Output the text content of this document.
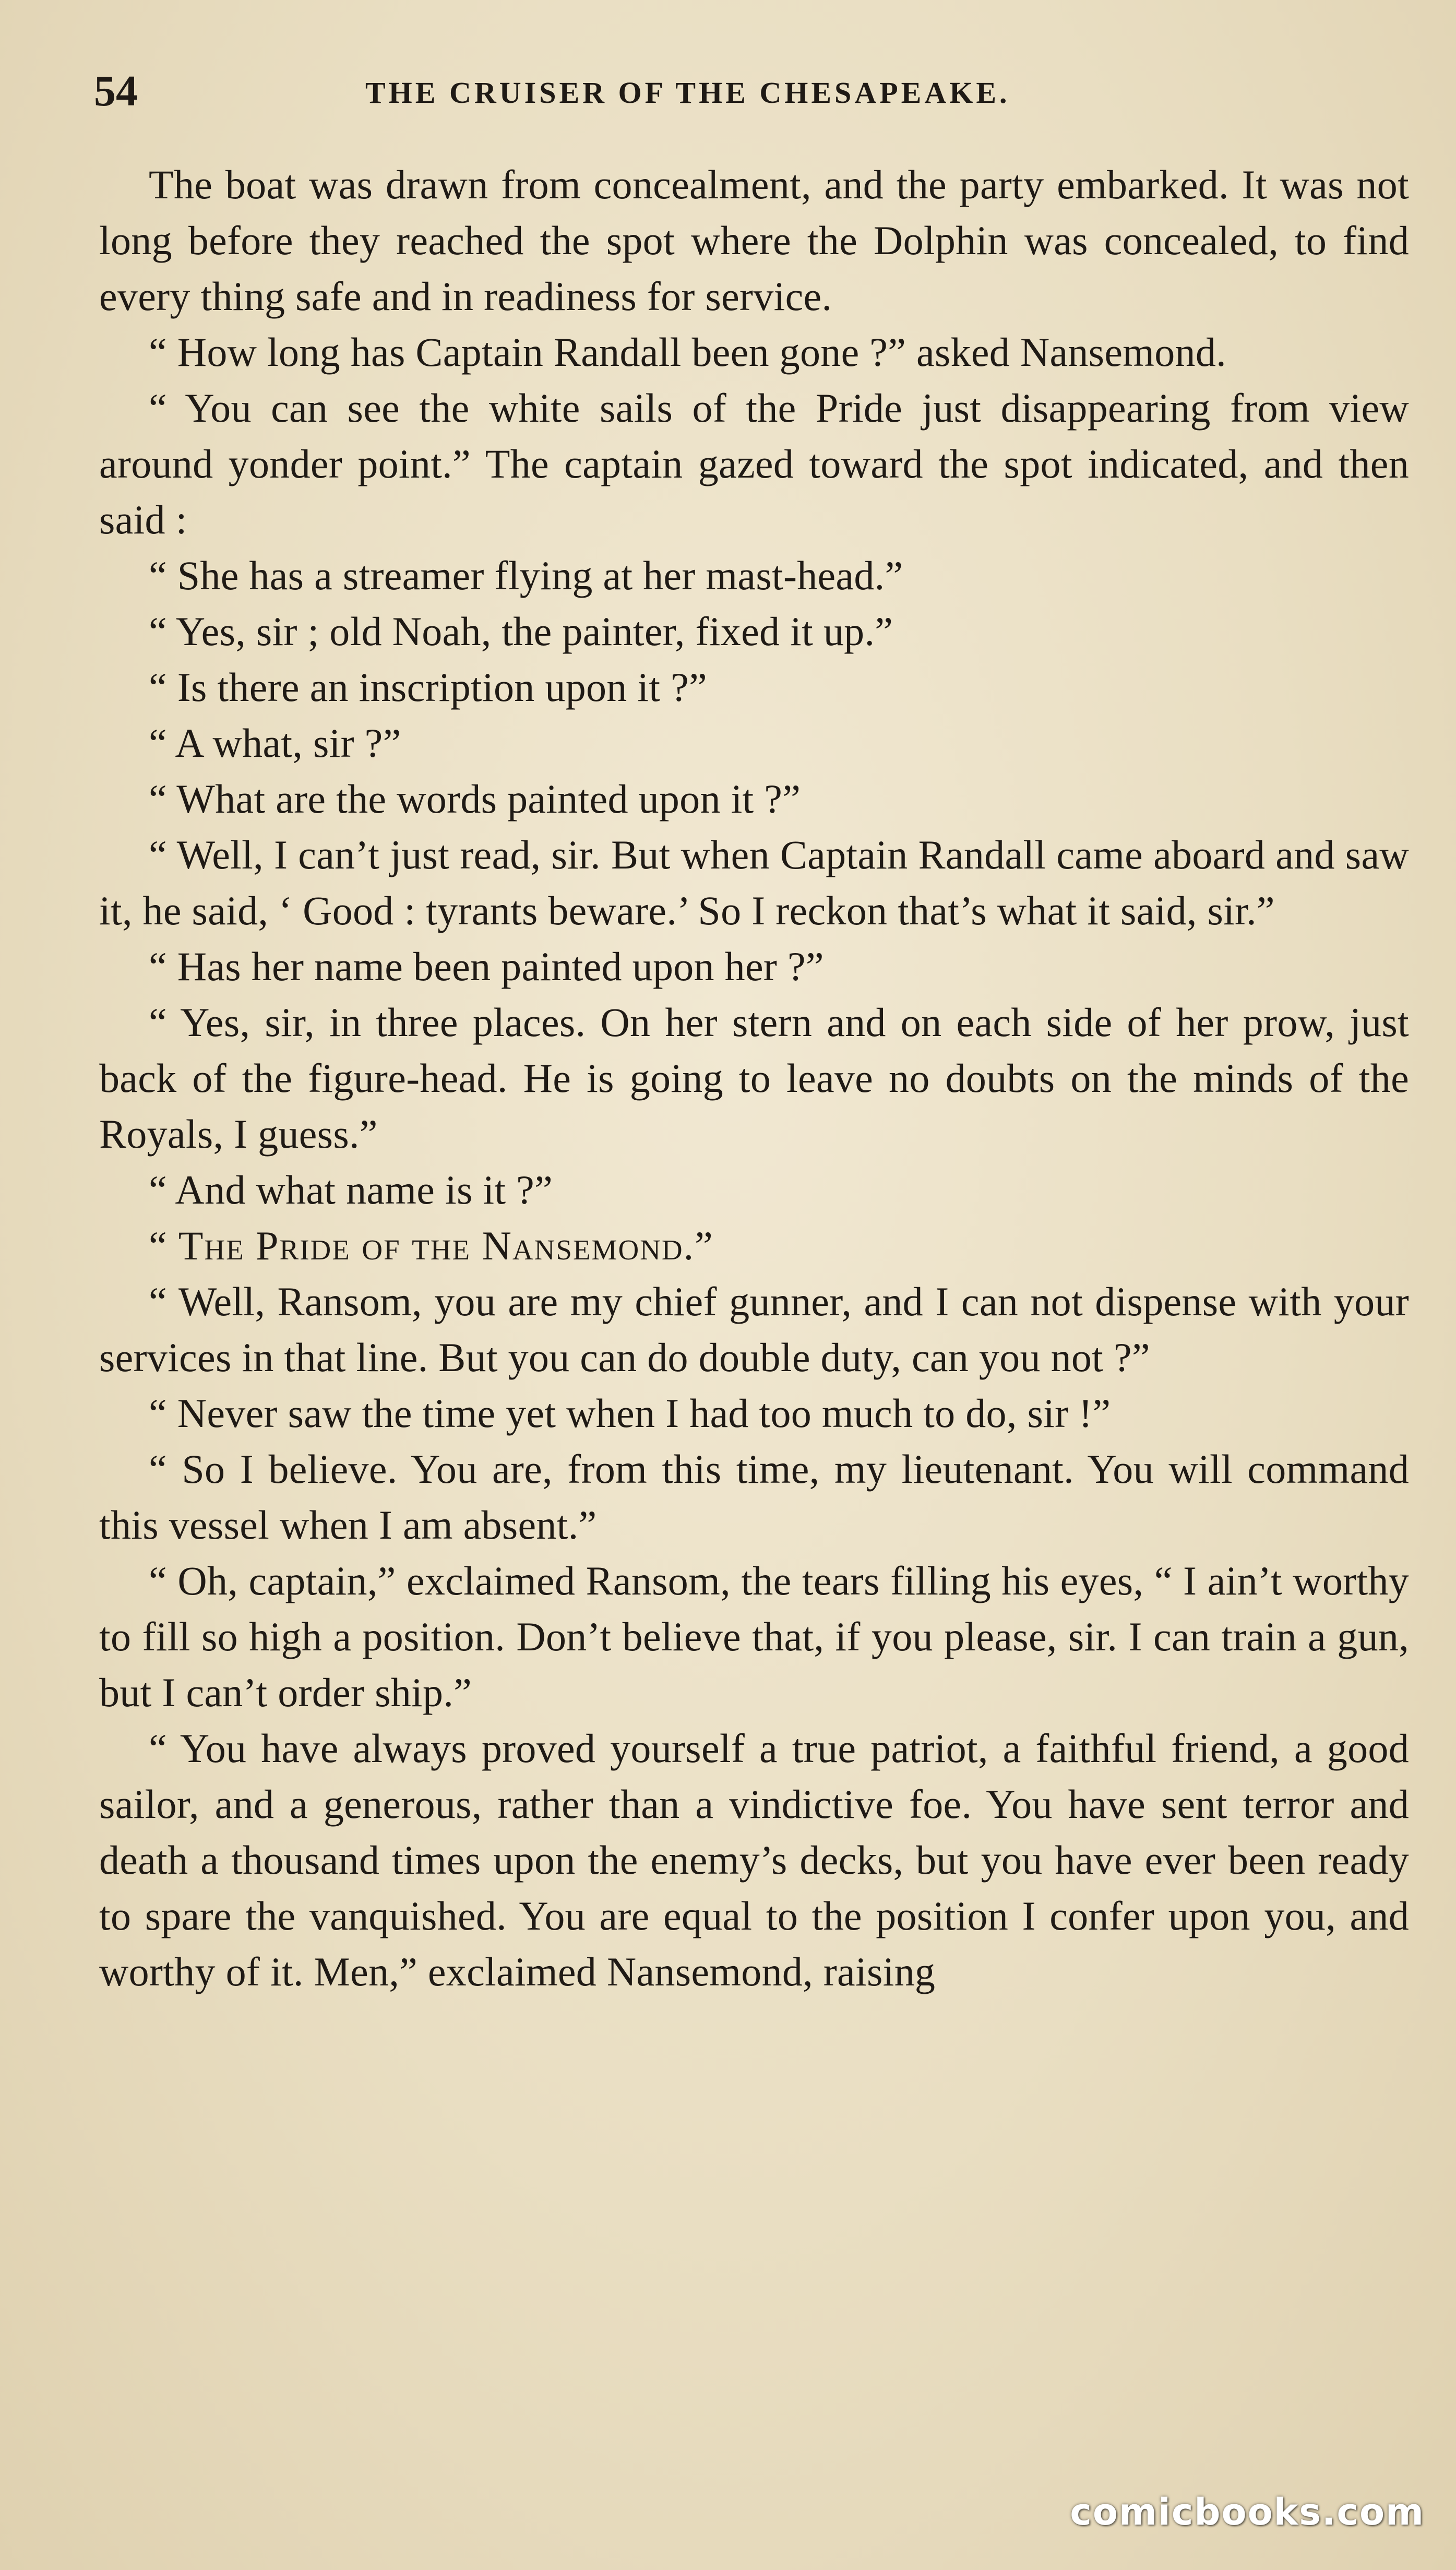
54	THE CRUISER OF THE CHESAPEAKE.

The boat was drawn from concealment, and the party embarked. It was not long before they reached the spot where the Dolphin was concealed, to find every thing safe and in readiness for service.

“ How long has Captain Randall been gone ?” asked Nansemond.

“ You can see the white sails of the Pride just disappearing from view around yonder point.” The captain gazed toward the spot indicated, and then said :

“ She has a streamer flying at her mast-head.”

“ Yes, sir ; old Noah, the painter, fixed it up.”

“ Is there an inscription upon it ?”

“ A what, sir ?”

“ What are the words painted upon it ?”

“ Well, I can’t just read, sir. But when Captain Randall came aboard and saw it, he said, ‘ Good : tyrants beware.’ So I reckon that’s what it said, sir.”

“ Has her name been painted upon her ?”

“ Yes, sir, in three places. On her stern and on each side of her prow, just back of the figure-head. He is going to leave no doubts on the minds of the Royals, I guess.”

“ And what name is it ?”

“ The Pride of the Nansemond.”

“ Well, Ransom, you are my chief gunner, and I can not dispense with your services in that line. But you can do double duty, can you not ?”

“ Never saw the time yet when I had too much to do, sir !”

“ So I believe. You are, from this time, my lieutenant. You will command this vessel when I am absent.”

“ Oh, captain,” exclaimed Ransom, the tears filling his eyes, “ I ain’t worthy to fill so high a position. Don’t believe that, if you please, sir. I can train a gun, but I can’t order ship.”

“ You have always proved yourself a true patriot, a faithful friend, a good sailor, and a generous, rather than a vindictive foe. You have sent terror and death a thousand times upon the enemy’s decks, but you have ever been ready to spare the vanquished. You are equal to the position I confer upon you, and worthy of it. Men,” exclaimed Nansemond, raising

comicbooks.com
